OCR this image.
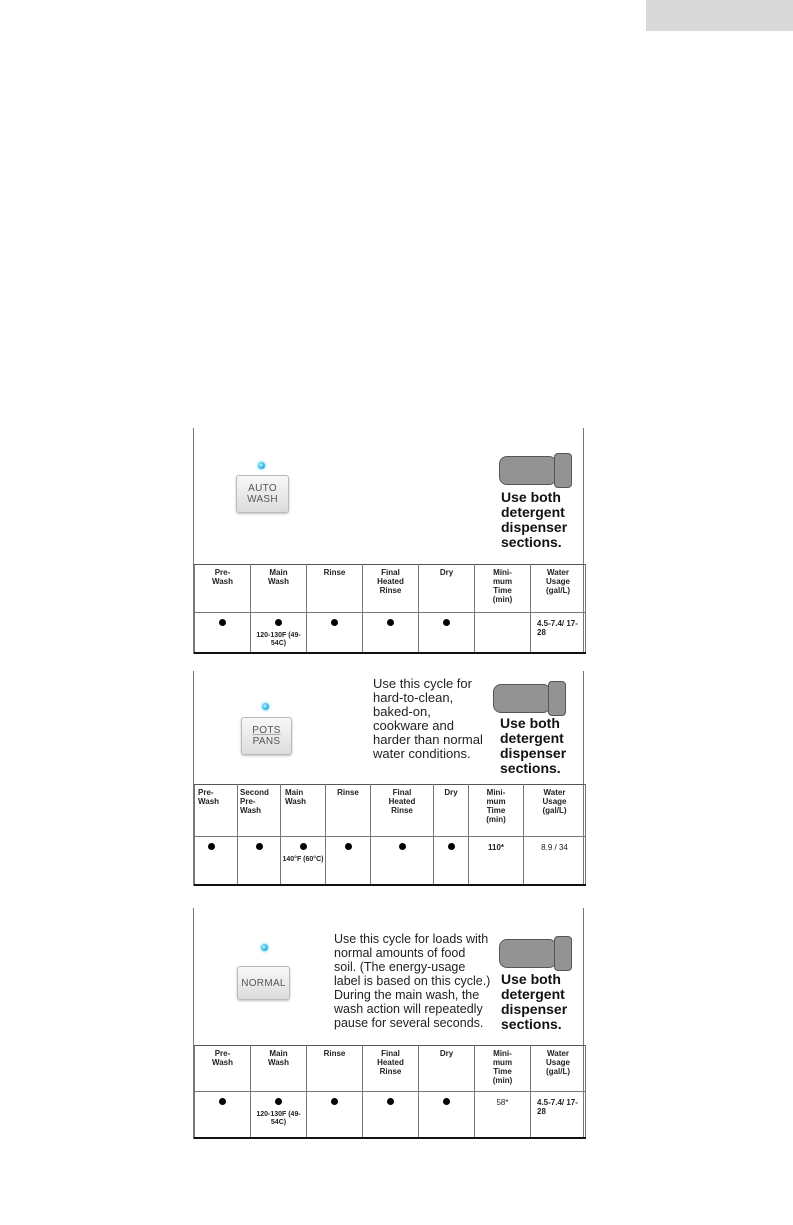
AUTO
WASH	Use both
detergent
dispenser
sections.
Pre-
Wash	Main
Wash	Rinse	Final
Heated
Rinse	Dry	Mini-
mum
Time
(min)	Water
Usage
(gal/L)

	120-130F (49-54C)					4.5-7.4/ 17-28
POTS
PANS
Use this cycle for
hard-to-clean,
baked-on,
cookware and
harder than normal
water conditions.
Use both
detergent
dispenser
sections.
Pre-
Wash	Second
Pre-
Wash	Main
Wash	Rinse	Final
Heated
Rinse	Dry	Mini-
mum
Time
(min)	Water
Usage
(gal/L)

		140°F (60°C)				110*	8.9 / 34
NORMAL
Use this cycle for loads with
normal amounts of food
soil. (The energy-usage
label is based on this cycle.)
During the main wash, the
wash action will repeatedly
pause for several seconds.
Use both
detergent
dispenser
sections.
Pre-
Wash	Main
Wash	Rinse	Final
Heated
Rinse	Dry	Mini-
mum
Time
(min)	Water
Usage
(gal/L)

	120-130F (49-54C)				58*	4.5-7.4/ 17-28
